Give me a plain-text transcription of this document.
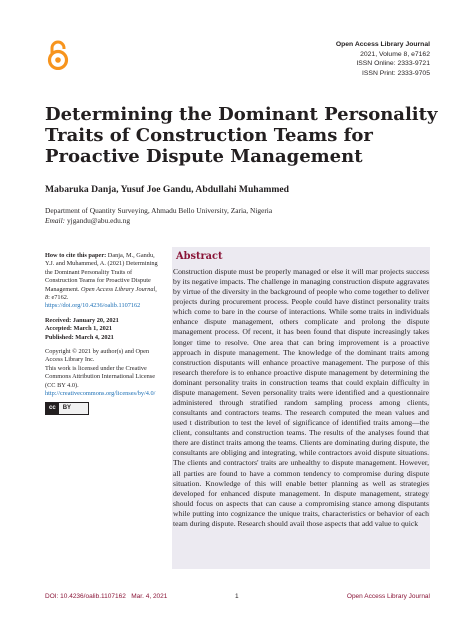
Open Access Library Journal
2021, Volume 8, e7162
ISSN Online: 2333-9721
ISSN Print: 2333-9705
Determining the Dominant Personality Traits of Construction Teams for Proactive Dispute Management
Mabaruka Danja, Yusuf Joe Gandu, Abdullahi Muhammed
Department of Quantity Surveying, Ahmadu Bello University, Zaria, Nigeria
Email: yjgandu@abu.edu.ng

How to cite this paper: Danja, M., Gandu, Y.J. and Muhammed, A. (2021) Determining the Dominant Personality Traits of Construction Teams for Proactive Dispute Management. Open Access Library Journal, 8: e7162.

https://doi.org/10.4236/oalib.1107162

Received: January 20, 2021

Accepted: March 1, 2021

Published: March 4, 2021

Copyright © 2021 by author(s) and Open Access Library Inc.

This work is licensed under the Creative Commons Attribution International License (CC BY 4.0).

http://creativecommons.org/licenses/by/4.0/

cc	BY
Abstract

Construction dispute must be properly managed or else it will mar projects success by its negative impacts. The challenge in managing construction dispute aggravates by virtue of the diversity in the background of people who come together to deliver projects during procurement process. People could have distinct personality traits which come to bare in the course of interactions. While some traits in individuals enhance dispute management, others complicate and prolong the dispute management process. Of recent, it has been found that dispute increasingly takes longer time to resolve. One area that can bring improvement is a proactive approach in dispute management. The knowledge of the dominant traits among construction disputants will enhance proactive management. The purpose of this research therefore is to enhance proactive dispute management by determining the dominant personality traits in construction teams that could explain difficulty in dispute management. Seven personality traits were identified and a questionnaire administered through stratified random sampling process among clients, consultants and contractors teams. The research computed the mean values and used t distribution to test the level of significance of identified traits among—the client, consultants and construction teams. The results of the analyses found that there are distinct traits among the teams. Clients are dominating during dispute, the consultants are obliging and integrating, while contractors avoid dispute situations. The clients and contractors' traits are unhealthy to dispute management. However, all parties are found to have a common tendency to compromise during dispute situation. Knowledge of this will enable better planning as well as strategies developed for enhanced dispute management. In dispute management, strategy should focus on aspects that can cause a compromising stance among disputants while putting into cognizance the unique traits, characteristics or behavior of each team during dispute. Research should avail those aspects that add value to quick

DOI: 10.4236/oalib.1107162 Mar. 4, 2021	1	Open Access Library Journal
